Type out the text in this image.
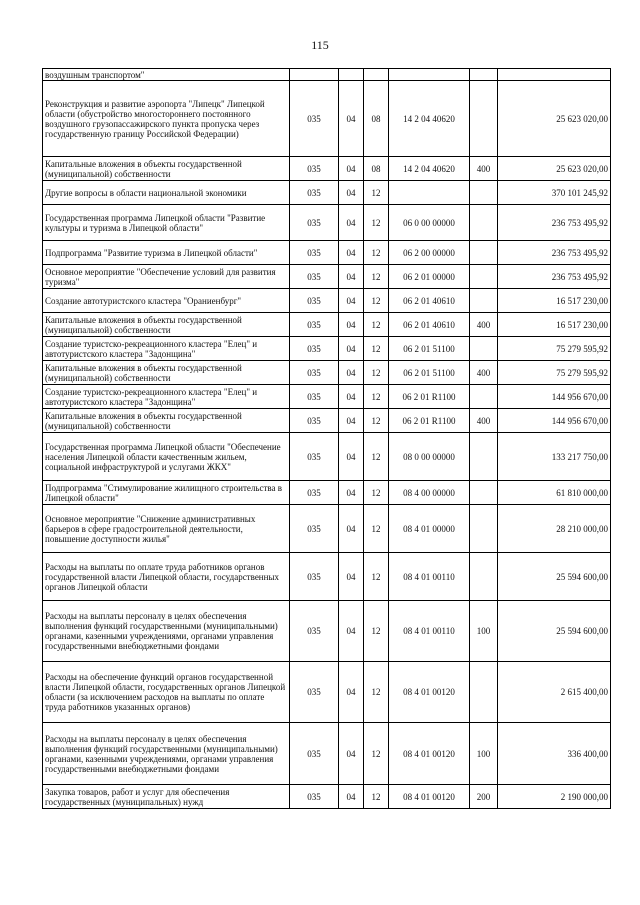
115
воздушным транспортом"						
Реконструкция и развитие аэропорта "Липецк" Липецкой области (обустройство многостороннего постоянного воздушного грузопассажирского пункта пропуска через государственную границу Российской Федерации)	035	04	08	14 2 04 40620		25 623 020,00
Капитальные вложения в объекты государственной (муниципальной) собственности	035	04	08	14 2 04 40620	400	25 623 020,00
Другие вопросы в области национальной экономики	035	04	12			370 101 245,92
Государственная программа Липецкой области "Развитие культуры и туризма в Липецкой области"	035	04	12	06 0 00 00000		236 753 495,92
Подпрограмма "Развитие туризма в Липецкой области"	035	04	12	06 2 00 00000		236 753 495,92
Основное мероприятие "Обеспечение условий для развития туризма"	035	04	12	06 2 01 00000		236 753 495,92
Создание автотуристского кластера "Ораниенбург"	035	04	12	06 2 01 40610		16 517 230,00
Капитальные вложения в объекты государственной (муниципальной) собственности	035	04	12	06 2 01 40610	400	16 517 230,00
Создание туристско-рекреационного кластера "Елец" и автотуристского кластера "Задонщина"	035	04	12	06 2 01 51100		75 279 595,92
Капитальные вложения в объекты государственной (муниципальной) собственности	035	04	12	06 2 01 51100	400	75 279 595,92
Создание туристско-рекреационного кластера "Елец" и автотуристского кластера "Задонщина"	035	04	12	06 2 01 R1100		144 956 670,00
Капитальные вложения в объекты государственной (муниципальной) собственности	035	04	12	06 2 01 R1100	400	144 956 670,00
Государственная программа Липецкой области "Обеспечение населения Липецкой области качественным жильем, социальной инфраструктурой и услугами ЖКХ"	035	04	12	08 0 00 00000		133 217 750,00
Подпрограмма "Стимулирование жилищного строительства в Липецкой области"	035	04	12	08 4 00 00000		61 810 000,00
Основное мероприятие "Снижение административных барьеров в сфере градостроительной деятельности, повышение доступности жилья"	035	04	12	08 4 01 00000		28 210 000,00
Расходы на выплаты по оплате труда работников органов государственной власти Липецкой области, государственных органов Липецкой области	035	04	12	08 4 01 00110		25 594 600,00
Расходы на выплаты персоналу в целях обеспечения выполнения функций государственными (муниципальными) органами, казенными учреждениями, органами управления государственными внебюджетными фондами	035	04	12	08 4 01 00110	100	25 594 600,00
Расходы на обеспечение функций органов государственной власти Липецкой области, государственных органов Липецкой области (за исключением расходов на выплаты по оплате труда работников указанных органов)	035	04	12	08 4 01 00120		2 615 400,00
Расходы на выплаты персоналу в целях обеспечения выполнения функций государственными (муниципальными) органами, казенными учреждениями, органами управления государственными внебюджетными фондами	035	04	12	08 4 01 00120	100	336 400,00
Закупка товаров, работ и услуг для обеспечения государственных (муниципальных) нужд	035	04	12	08 4 01 00120	200	2 190 000,00
